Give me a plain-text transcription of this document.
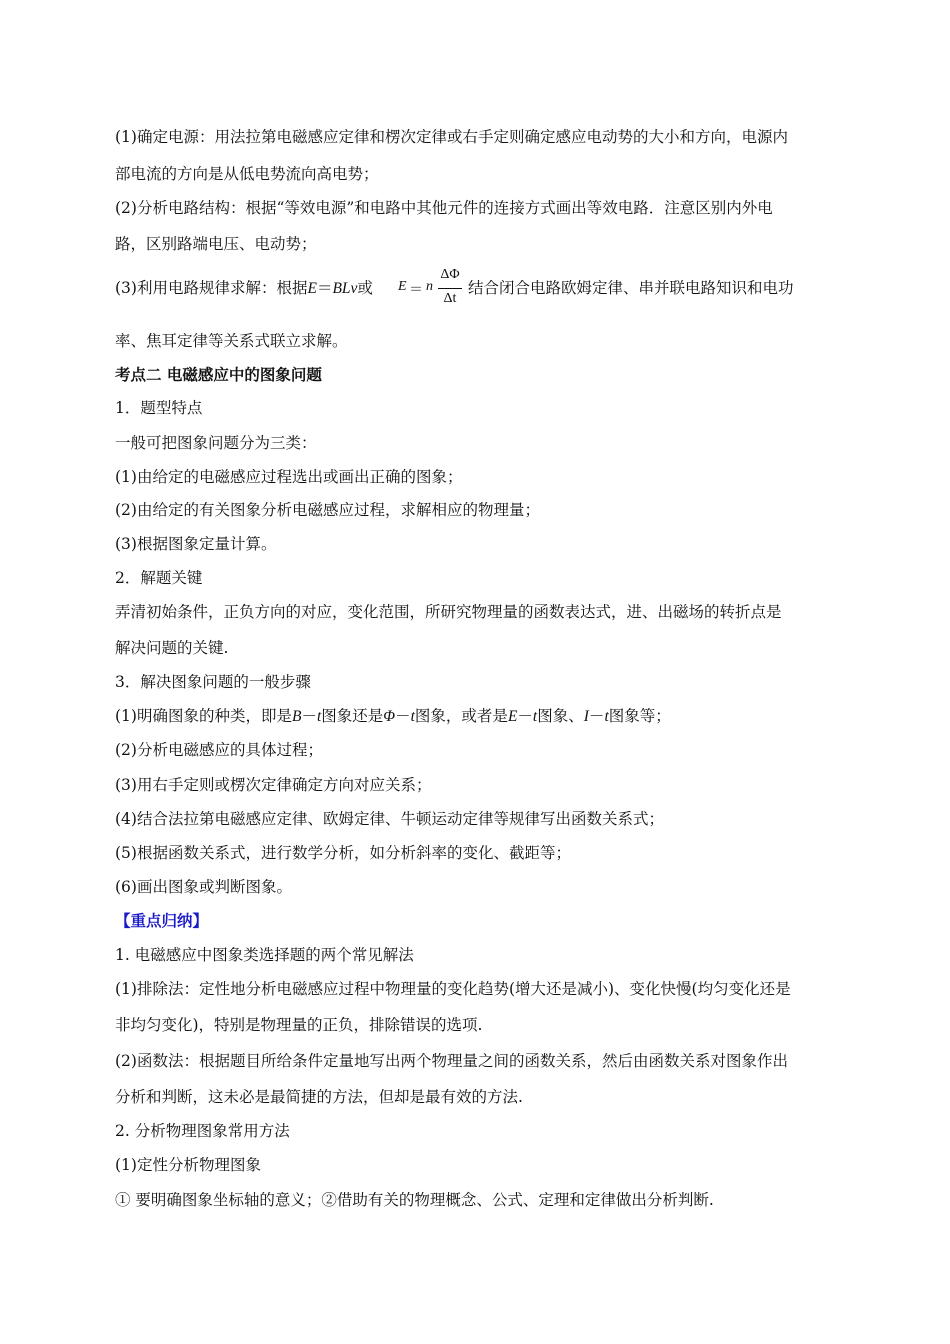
(1)确定电源：用法拉第电磁感应定律和楞次定律或右手定则确定感应电动势的大小和方向，电源内
部电流的方向是从低电势流向高电势；
(2)分析电路结构：根据“等效电源”和电路中其他元件的连接方式画出等效电路．注意区别内外电
路，区别路端电压、电动势；
(3)利用电路规律求解：根据E＝BLv或	E ＝ n
ΔΦ
Δt
结合闭合电路欧姆定律、串并联电路知识和电功
率、焦耳定律等关系式联立求解。
考点二 电磁感应中的图象问题
1．题型特点
一般可把图象问题分为三类：
(1)由给定的电磁感应过程选出或画出正确的图象；
(2)由给定的有关图象分析电磁感应过程，求解相应的物理量；
(3)根据图象定量计算。
2．解题关键
弄清初始条件，正负方向的对应，变化范围，所研究物理量的函数表达式，进、出磁场的转折点是
解决问题的关键.
3．解决图象问题的一般步骤
(1)明确图象的种类，即是B－t图象还是Φ－t图象，或者是E－t图象、I－t图象等；
(2)分析电磁感应的具体过程；
(3)用右手定则或楞次定律确定方向对应关系；
(4)结合法拉第电磁感应定律、欧姆定律、牛顿运动定律等规律写出函数关系式；
(5)根据函数关系式，进行数学分析，如分析斜率的变化、截距等；
(6)画出图象或判断图象。
【重点归纳】
1. 电磁感应中图象类选择题的两个常见解法
(1)排除法：定性地分析电磁感应过程中物理量的变化趋势(增大还是减小)、变化快慢(均匀变化还是
非均匀变化)，特别是物理量的正负，排除错误的选项.
(2)函数法：根据题目所给条件定量地写出两个物理量之间的函数关系，然后由函数关系对图象作出
分析和判断，这未必是最简捷的方法，但却是最有效的方法.
2. 分析物理图象常用方法
(1)定性分析物理图象
① 要明确图象坐标轴的意义；②借助有关的物理概念、公式、定理和定律做出分析判断.
